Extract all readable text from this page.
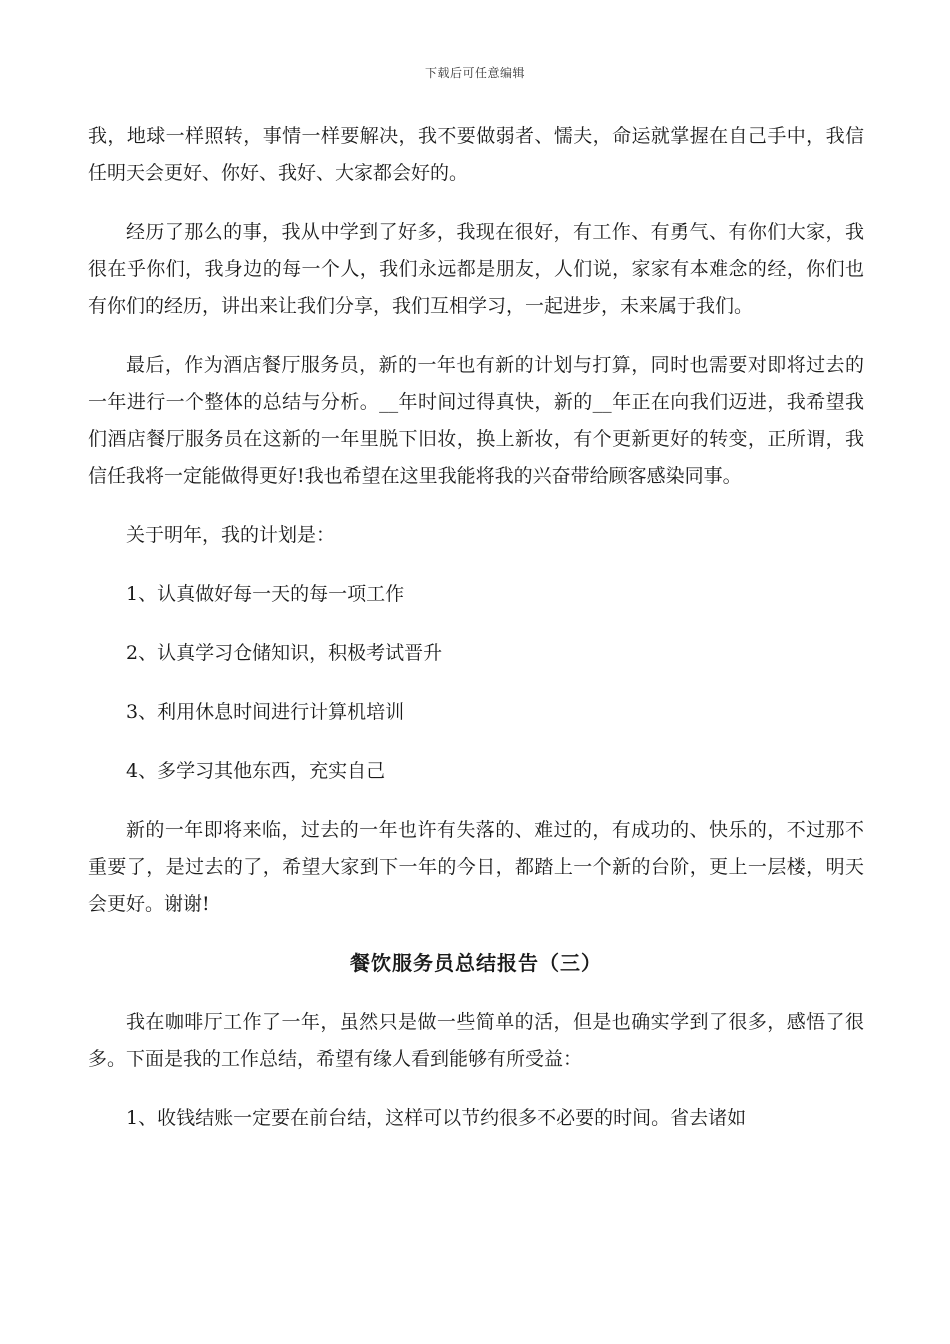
下载后可任意编辑

我，地球一样照转，事情一样要解决，我不要做弱者、懦夫，命运就掌握在自己手中，我信任明天会更好、你好、我好、大家都会好的。

经历了那么的事，我从中学到了好多，我现在很好，有工作、有勇气、有你们大家，我很在乎你们，我身边的每一个人，我们永远都是朋友，人们说，家家有本难念的经，你们也有你们的经历，讲出来让我们分享，我们互相学习，一起进步，未来属于我们。

最后，作为酒店餐厅服务员，新的一年也有新的计划与打算，同时也需要对即将过去的一年进行一个整体的总结与分析。__年时间过得真快，新的__年正在向我们迈进，我希望我们酒店餐厅服务员在这新的一年里脱下旧妆，换上新妆，有个更新更好的转变，正所谓，我信任我将一定能做得更好!我也希望在这里我能将我的兴奋带给顾客感染同事。

关于明年，我的计划是：

1、认真做好每一天的每一项工作

2、认真学习仓储知识，积极考试晋升

3、利用休息时间进行计算机培训

4、多学习其他东西，充实自己

新的一年即将来临，过去的一年也许有失落的、难过的，有成功的、快乐的，不过那不重要了，是过去的了，希望大家到下一年的今日，都踏上一个新的台阶，更上一层楼，明天会更好。谢谢!

餐饮服务员总结报告（三）

我在咖啡厅工作了一年，虽然只是做一些简单的活，但是也确实学到了很多，感悟了很多。下面是我的工作总结，希望有缘人看到能够有所受益：

1、收钱结账一定要在前台结，这样可以节约很多不必要的时间。省去诸如
